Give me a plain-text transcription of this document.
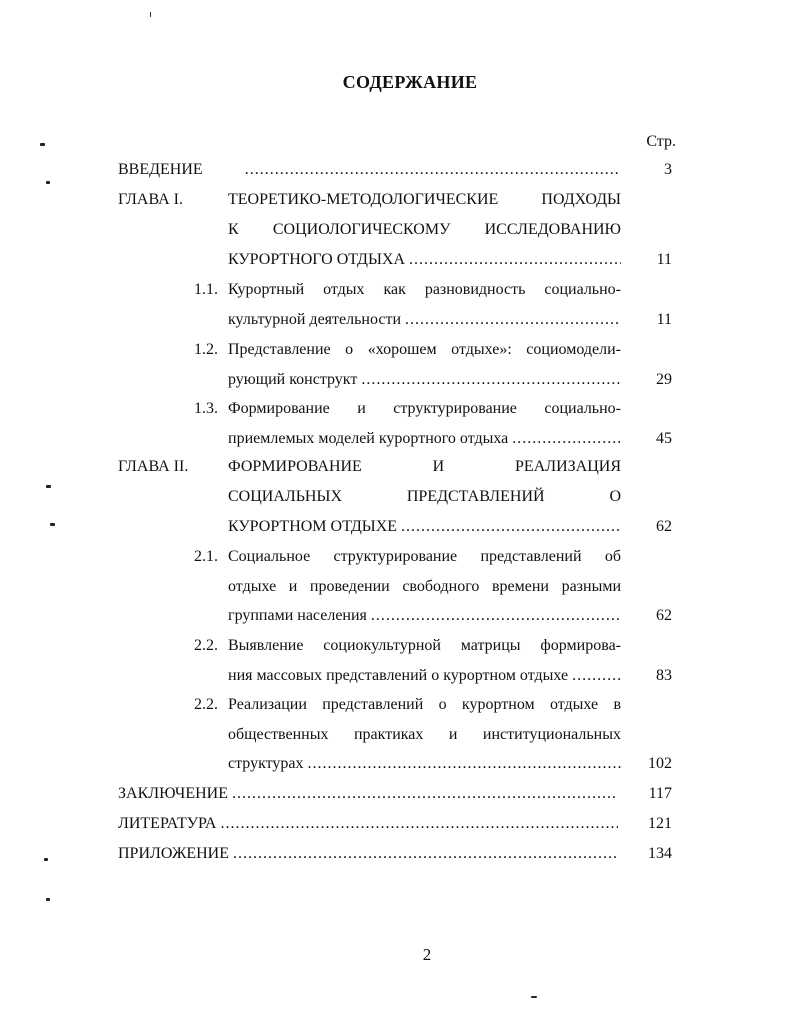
СОДЕРЖАНИЕ
Стр.
ВВЕДЕНИЕ .....	3
ГЛАВА I.	ТЕОРЕТИКО-МЕТОДОЛОГИЧЕСКИЕ ПОДХОДЫ
К СОЦИОЛОГИЧЕСКОМУ ИССЛЕДОВАНИЮ
КУРОРТНОГО ОТДЫХА .....	11
1.1. Курортный отдых как разновидность социально-
культурной деятельности .....	11
1.2. Представление о «хорошем отдыхе»: социомодели-
рующий конструкт .....	29
1.3. Формирование и структурирование социально-
приемлемых моделей курортного отдыха .....	45
ГЛАВА II. ФОРМИРОВАНИЕ И РЕАЛИЗАЦИЯ
СОЦИАЛЬНЫХ ПРЕДСТАВЛЕНИЙ О
КУРОРТНОМ ОТДЫХЕ .....	62
2.1. Социальное структурирование представлений об
отдыхе и проведении свободного времени разными
группами населения .....	62
2.2. Выявление социокультурной матрицы формирова-
ния массовых представлений о курортном отдыхе .....	83
2.2. Реализации представлений о курортном отдыхе в
общественных практиках и институциональных
структурах .....	102
ЗАКЛЮЧЕНИЕ .....	117
ЛИТЕРАТУРА .....	121
ПРИЛОЖЕНИЕ .....	134
2
